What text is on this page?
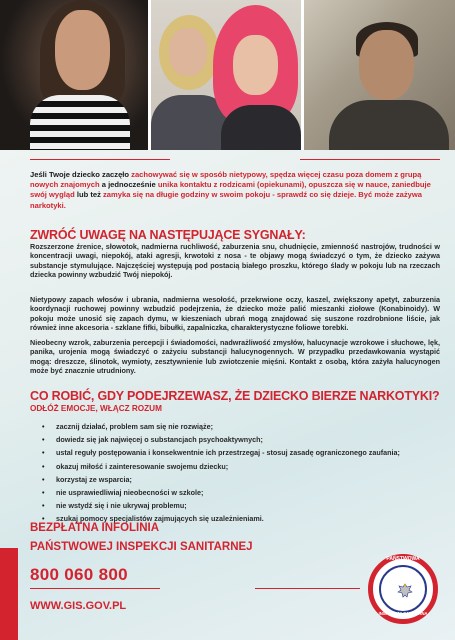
Jeśli Twoje dziecko zaczęło zachowywać się w sposób nietypowy, spędza więcej czasu poza domem z grupą nowych znajomych a jednocześnie unika kontaktu z rodzicami (opiekunami), opuszcza się w nauce, zaniedbuje swój wygląd lub też zamyka się na długie godziny w swoim pokoju - sprawdź co się dzieje. Być może zażywa narkotyki.

ZWRÓĆ UWAGĘ NA NASTĘPUJĄCE SYGNAŁY:

Rozszerzone źrenice, słowotok, nadmierna ruchliwość, zaburzenia snu, chudnięcie, zmienność nastrojów, trudności w koncentracji uwagi, niepokój, ataki agresji, krwotoki z nosa - te objawy mogą świadczyć o tym, że dziecko zażywa substancje stymulujące. Najczęściej występują pod postacią białego proszku, którego ślady w pokoju lub na rzeczach dziecka powinny wzbudzić Twój niepokój.

Nietypowy zapach włosów i ubrania, nadmierna wesołość, przekrwione oczy, kaszel, zwiększony apetyt, zaburzenia koordynacji ruchowej powinny wzbudzić podejrzenia, że dziecko może palić mieszanki ziołowe (Konabinoidy). W pokoju może unosić się zapach dymu, w kieszeniach ubrań mogą znajdować się suszone rozdrobnione liście, jak również inne akcesoria - szklane fifki, bibułki, zapalniczka, charakterystyczne foliowe torebki.

Nieobecny wzrok, zaburzenia percepcji i świadomości, nadwrażliwość zmysłów, halucynacje wzrokowe i słuchowe, lęk, panika, urojenia mogą świadczyć o zażyciu substancji halucynogennych. W przypadku przedawkowania wystąpić mogą: dreszcze, ślinotok, wymioty, zesztywnienie lub zwiotczenie mięśni. Kontakt z osobą, która zażyła halucynogen może być znacznie utrudniony.

CO ROBIĆ, GDY PODEJRZEWASZ, ŻE DZIECKO BIERZE NARKOTYKI?
ODŁÓŻ EMOCJE, WŁĄCZ ROZUM
• zacznij działać, problem sam się nie rozwiąże;
• dowiedz się jak najwięcej o substancjach psychoaktywnych;
• ustal reguły postępowania i konsekwentnie ich przestrzegaj - stosuj zasadę ograniczonego zaufania;
• okazuj miłość i zainteresowanie swojemu dziecku;
• korzystaj ze wsparcia;
• nie usprawiedliwiaj nieobecności w szkole;
• nie wstydź się i nie ukrywaj problemu;
• szukaj pomocy specjalistów zajmujących się uzależnieniami.
BEZPŁATNA INFOLINIA
PAŃSTWOWEJ INSPEKCJI SANITARNEJ
800 060 800
WWW.GIS.GOV.PL
PAŃSTWOWA
INSPEKCJA SANITARNA
